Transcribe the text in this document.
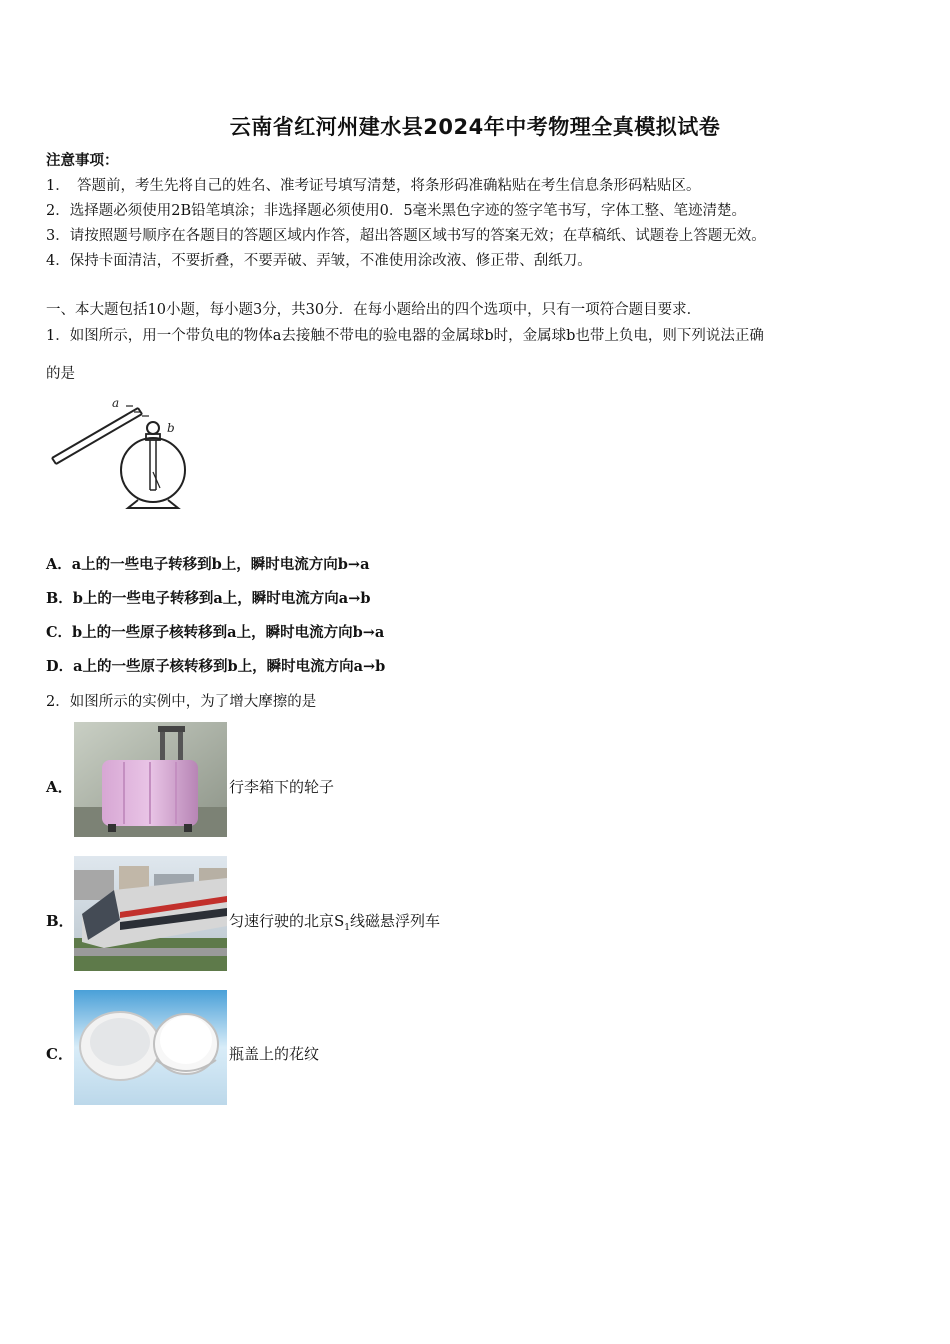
云南省红河州建水县2024年中考物理全真模拟试卷
注意事项：
1．　答题前，考生先将自己的姓名、准考证号填写清楚，将条形码准确粘贴在考生信息条形码粘贴区。
2．选择题必须使用2B铅笔填涂；非选择题必须使用0．5毫米黑色字迹的签字笔书写，字体工整、笔迹清楚。
3．请按照题号顺序在各题目的答题区域内作答，超出答题区域书写的答案无效；在草稿纸、试题卷上答题无效。
4．保持卡面清洁，不要折叠，不要弄破、弄皱，不准使用涂改液、修正带、刮纸刀。
一、本大题包括10小题，每小题3分，共30分．在每小题给出的四个选项中，只有一项符合题目要求．
1．如图所示，用一个带负电的物体a去接触不带电的验电器的金属球b时，金属球b也带上负电，则下列说法正确
的是
a
b
A．a上的一些电子转移到b上，瞬时电流方向b→a
B．b上的一些电子转移到a上，瞬时电流方向a→b
C．b上的一些原子核转移到a上，瞬时电流方向b→a
D．a上的一些原子核转移到b上，瞬时电流方向a→b
2．如图所示的实例中，为了增大摩擦的是
A．	行李箱下的轮子
B．	匀速行驶的北京$S_1$线磁悬浮列车
C．	瓶盖上的花纹
